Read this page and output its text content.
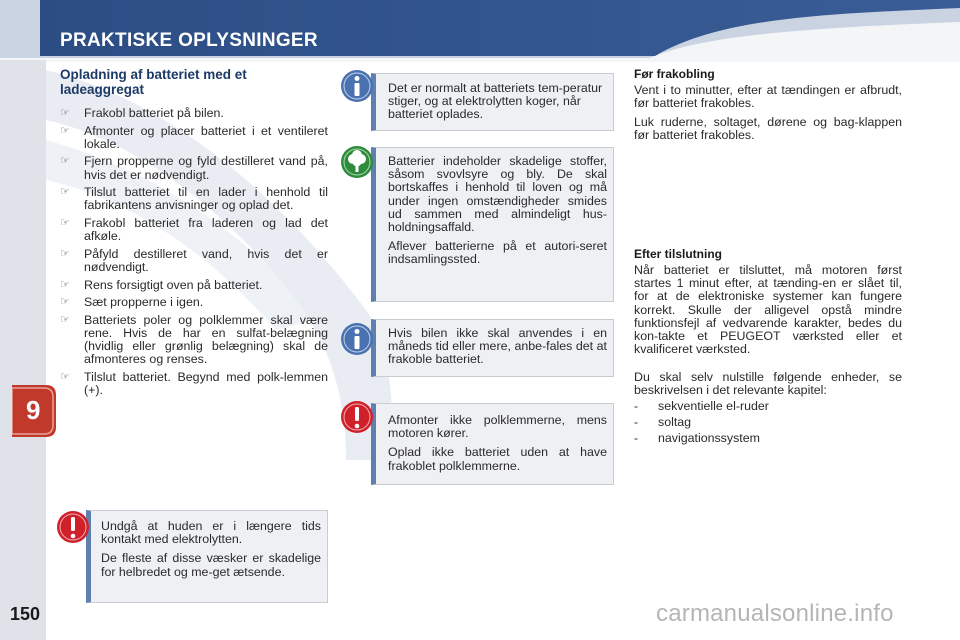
PRAKTISKE OPLYSNINGER
9
150
Opladning af batteriet med et ladeaggregat
☞ Frakobl batteriet på bilen.
☞ Afmonter og placer batteriet i et ventileret lokale.
☞ Fjern propperne og fyld destilleret vand på, hvis det er nødvendigt.
☞ Tilslut batteriet til en lader i henhold til fabrikantens anvisninger og oplad det.
☞ Frakobl batteriet fra laderen og lad det afkøle.
☞ Påfyld destilleret vand, hvis det er nødvendigt.
☞ Rens forsigtigt oven på batteriet.
☞ Sæt propperne i igen.
☞ Batteriets poler og polklemmer skal være rene. Hvis de har en sulfat-belægning (hvidlig eller grønlig belægning) skal de afmonteres og renses.
☞ Tilslut batteriet. Begynd med polk-lemmen (+).

Undgå at huden er i længere tids kontakt med elektrolytten.

De fleste af disse væsker er skadelige for helbredet og me-get ætsende.

Det er normalt at batteriets tem-peratur stiger, og at elektrolytten koger, når batteriet oplades.

Batterier indeholder skadelige stoffer, såsom svovlsyre og bly. De skal bortskaffes i henhold til loven og må under ingen omstændigheder smides ud sammen med almindeligt hus-holdningsaffald.

Aflever batterierne på et autori-seret indsamlingssted.

Hvis bilen ikke skal anvendes i en måneds tid eller mere, anbe-fales det at frakoble batteriet.

Afmonter ikke polklemmerne, mens motoren kører.

Oplad ikke batteriet uden at have frakoblet polklemmerne.

Før frakobling

Vent i to minutter, efter at tændingen er afbrudt, før batteriet frakobles.

Luk ruderne, soltaget, dørene og bag-klappen før batteriet frakobles.

Efter tilslutning

Når batteriet er tilsluttet, må motoren først startes 1 minut efter, at tænding-en er slået til, for at de elektroniske systemer kan fungere korrekt. Skulle der alligevel opstå mindre funktionsfejl af vedvarende karakter, bedes du kon-takte et PEUGEOT værksted eller et kvalificeret værksted.

Du skal selv nulstille følgende enheder, se beskrivelsen i det relevante kapitel:

- sekventielle el-ruder
- soltag
- navigationssystem
carmanualsonline.info
